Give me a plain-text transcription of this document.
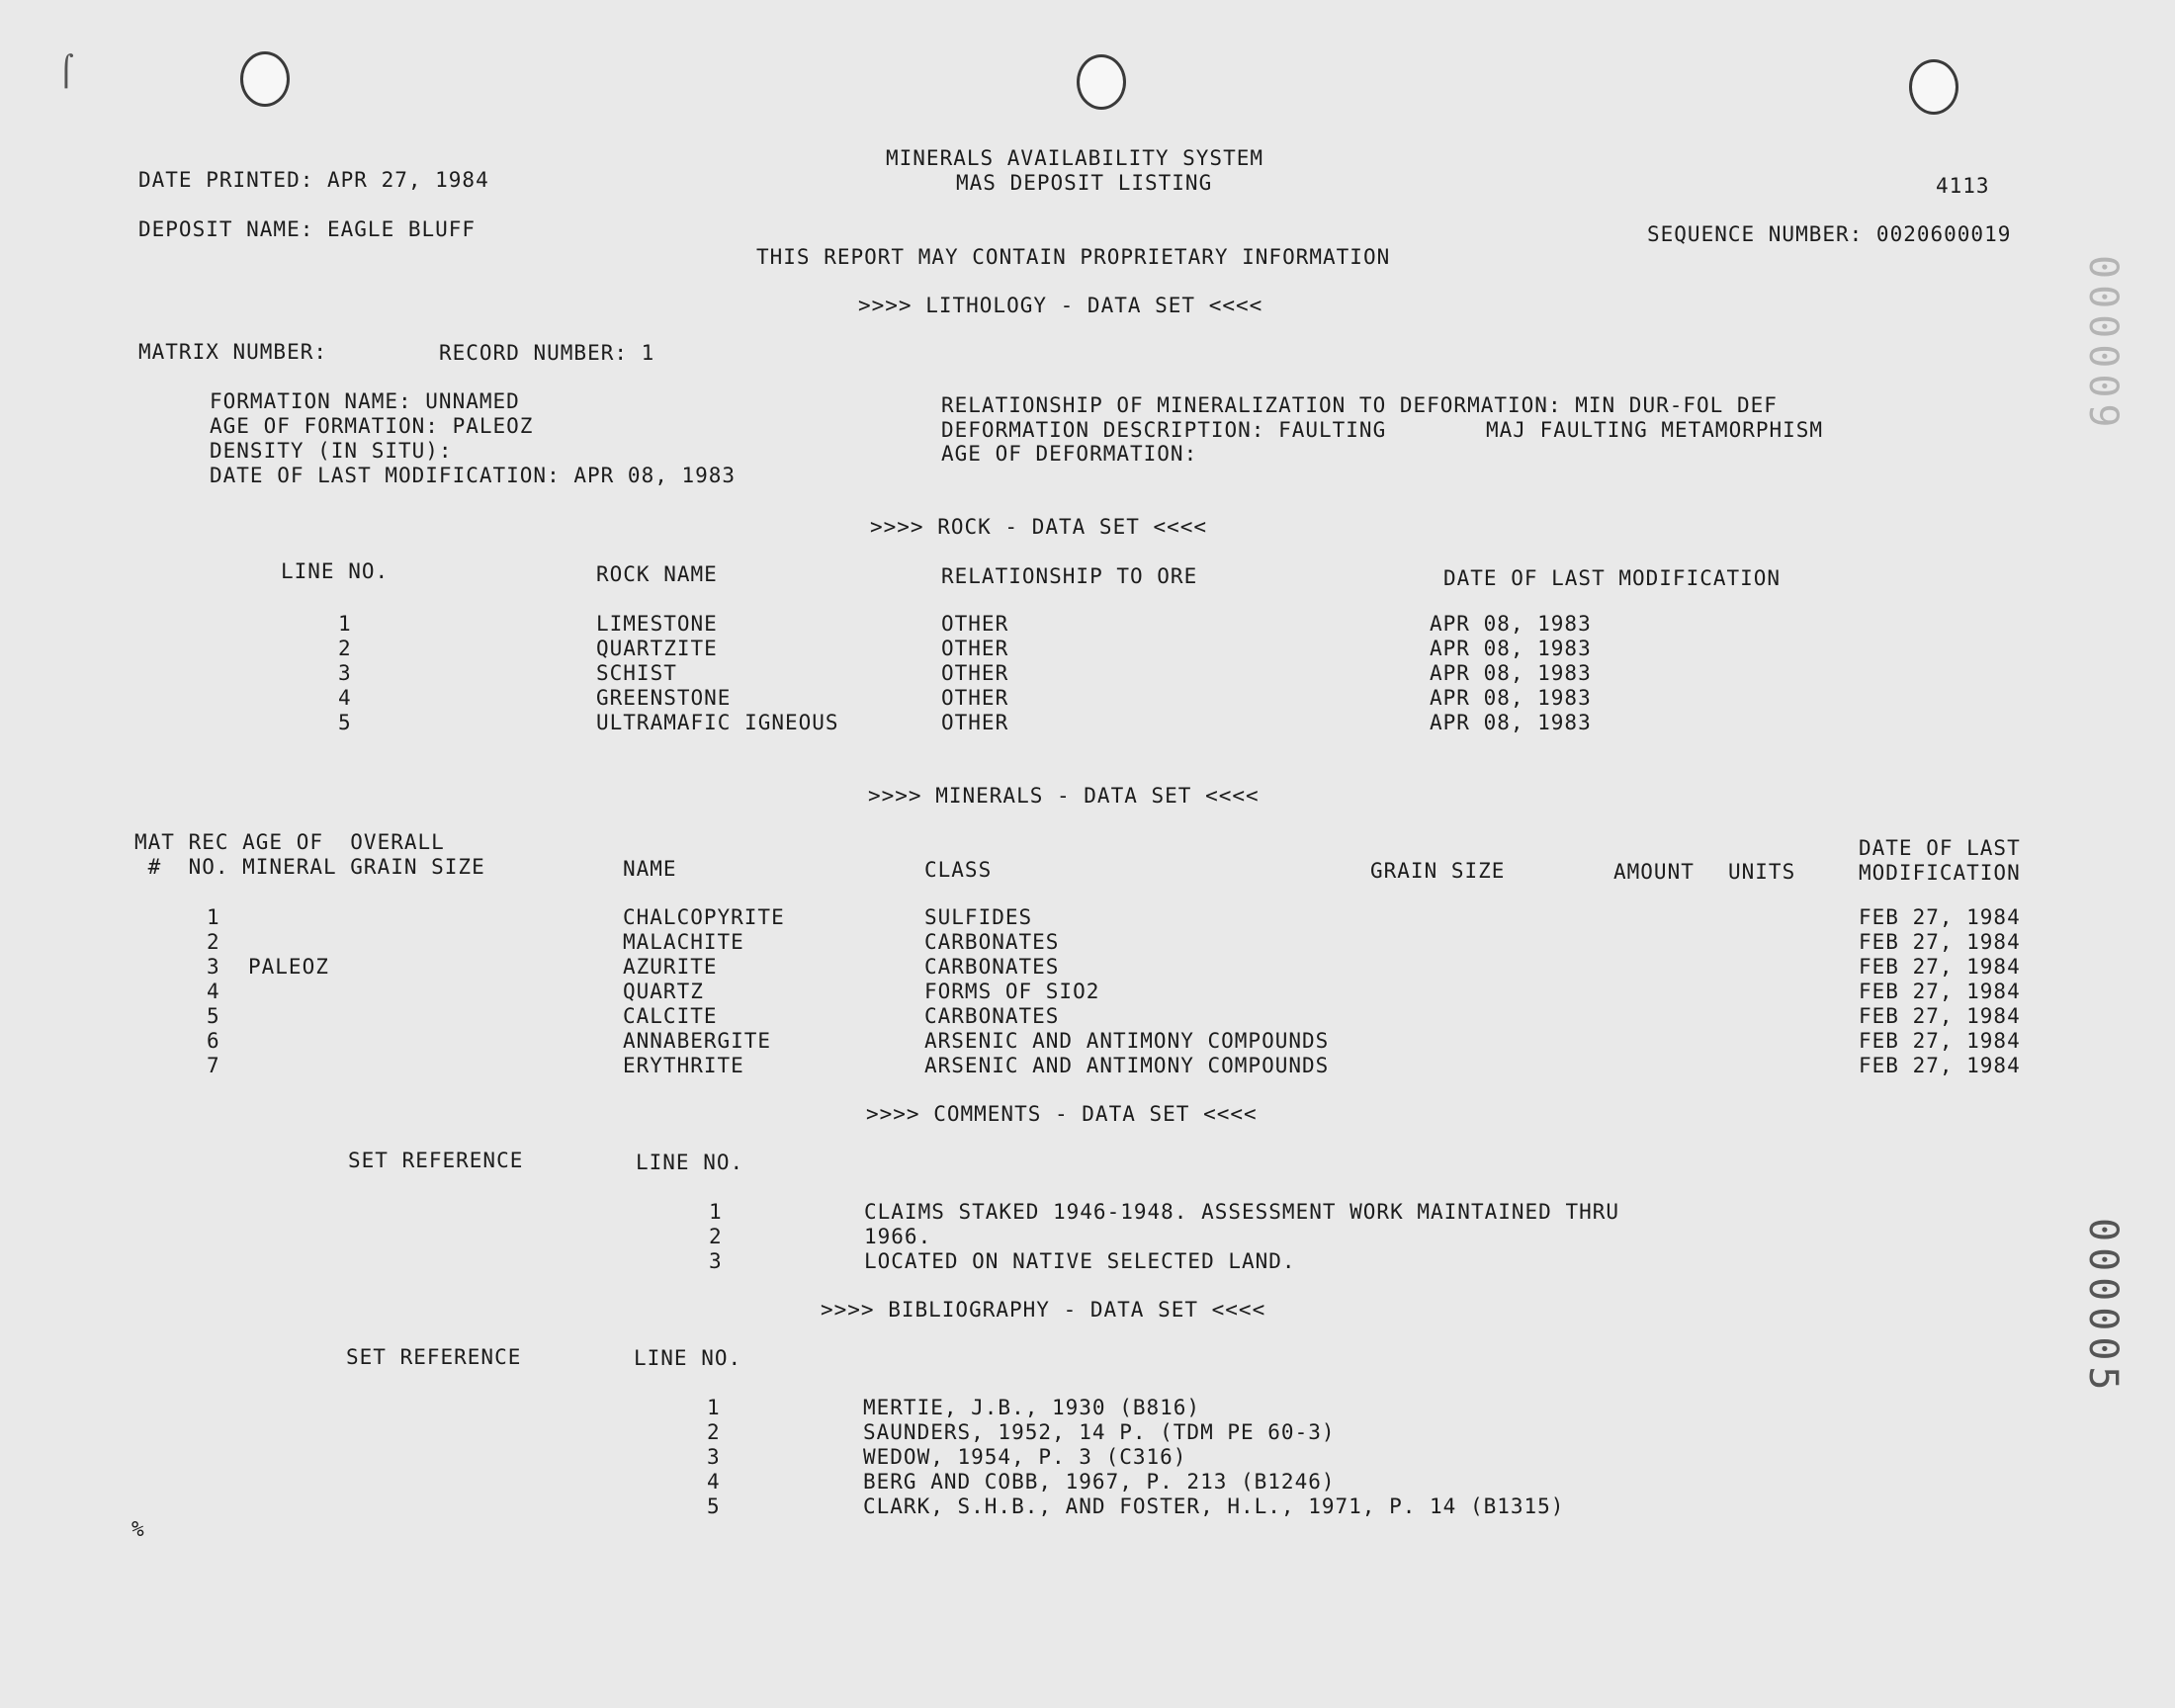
DATE PRINTED: APR 27, 1984
MINERALS AVAILABILITY SYSTEM
MAS DEPOSIT LISTING	4113
DEPOSIT NAME: EAGLE BLUFF	SEQUENCE NUMBER: 0020600019
THIS REPORT MAY CONTAIN PROPRIETARY INFORMATION
>>>> LITHOLOGY - DATA SET <<<<
MATRIX NUMBER:	RECORD NUMBER: 1
FORMATION NAME: UNNAMED
AGE OF FORMATION: PALEOZ
DENSITY (IN SITU):
DATE OF LAST MODIFICATION: APR 08, 1983
RELATIONSHIP OF MINERALIZATION TO DEFORMATION: MIN DUR-FOL DEF
DEFORMATION DESCRIPTION: FAULTING	MAJ FAULTING METAMORPHISM
AGE OF DEFORMATION:
>>>> ROCK - DATA SET <<<<
LINE NO.	ROCK NAME	RELATIONSHIP TO ORE	DATE OF LAST MODIFICATION
1	LIMESTONE	OTHER	APR 08, 1983
2	QUARTZITE	OTHER	APR 08, 1983
3	SCHIST	OTHER	APR 08, 1983
4	GREENSTONE	OTHER	APR 08, 1983
5	ULTRAMAFIC IGNEOUS	OTHER	APR 08, 1983
>>>> MINERALS - DATA SET <<<<
MAT REC AGE OF  OVERALL
#  NO. MINERAL GRAIN SIZE	NAME	CLASS	GRAIN SIZE	AMOUNT UNITS
DATE OF LAST
MODIFICATION
1	CHALCOPYRITE	SULFIDES	FEB 27, 1984
2	MALACHITE	CARBONATES	FEB 27, 1984
3 PALEOZ	AZURITE	CARBONATES	FEB 27, 1984
4	QUARTZ	FORMS OF SIO2	FEB 27, 1984
5	CALCITE	CARBONATES	FEB 27, 1984
6	ANNABERGITE	ARSENIC AND ANTIMONY COMPOUNDS	FEB 27, 1984
7	ERYTHRITE	ARSENIC AND ANTIMONY COMPOUNDS	FEB 27, 1984
>>>> COMMENTS - DATA SET <<<<
SET REFERENCE	LINE NO.
1	CLAIMS STAKED 1946-1948. ASSESSMENT WORK MAINTAINED THRU
2	1966.
3	LOCATED ON NATIVE SELECTED LAND.
>>>> BIBLIOGRAPHY - DATA SET <<<<
SET REFERENCE	LINE NO.
1	MERTIE, J.B., 1930 (B816)
2	SAUNDERS, 1952, 14 P. (TDM PE 60-3)
3	WEDOW, 1954, P. 3 (C316)
4	BERG AND COBB, 1967, P. 213 (B1246)
5	CLARK, S.H.B., AND FOSTER, H.L., 1971, P. 14 (B1315)
%
000005
000009
⌠
